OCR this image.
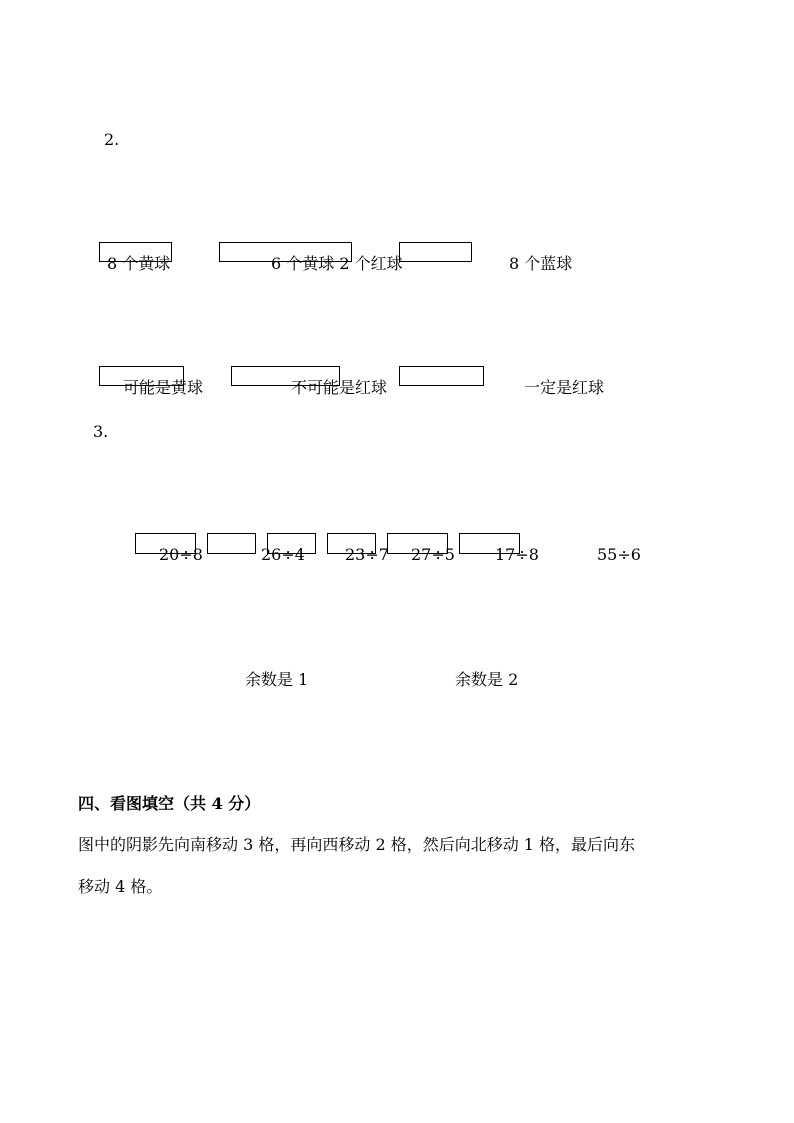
2.
8 个黄球	6 个黄球 2 个红球	8 个蓝球
可能是黄球	不可能是红球	一定是红球
3.
20÷8	26÷4	23÷7 27÷5	17÷8	55÷6
余数是 1	余数是 2
四、看图填空（共 4 分）
图中的阴影先向南移动 3 格，再向西移动 2 格，然后向北移动 1 格，最后向东
移动 4 格。
